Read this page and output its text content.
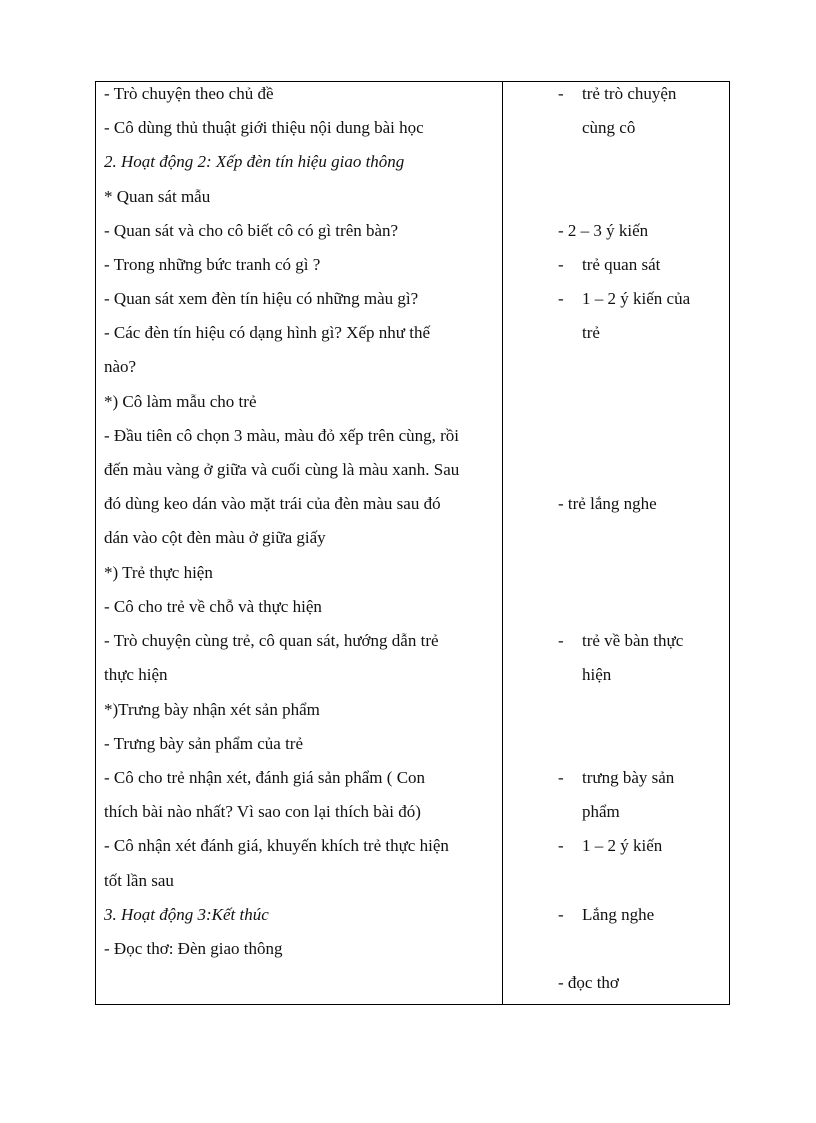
- Trò chuyện theo chủ đề
- Cô dùng thủ thuật giới thiệu nội dung bài học
2. Hoạt động 2: Xếp đèn tín hiệu giao thông
* Quan sát mẫu
- Quan sát và cho cô biết cô có gì trên bàn?
- Trong những bức tranh có gì ?
- Quan sát xem đèn tín hiệu có những màu gì?
- Các đèn tín hiệu có dạng hình gì? Xếp như thế
nào?
*) Cô làm mẫu cho trẻ
- Đầu tiên cô chọn 3 màu, màu đỏ xếp trên cùng, rồi
đến màu vàng ở giữa và cuối cùng là màu xanh. Sau
đó dùng keo dán vào mặt trái của đèn màu sau đó
dán vào cột đèn màu ở giữa giấy
*) Trẻ thực hiện
- Cô cho trẻ về chỗ và thực hiện
- Trò chuyện cùng trẻ, cô quan sát, hướng dẫn trẻ
thực hiện
*)Trưng bày nhận xét sản phẩm
- Trưng bày sản phẩm của trẻ
- Cô cho trẻ nhận xét, đánh giá sản phẩm ( Con
thích bài nào nhất? Vì sao con lại thích bài đó)
- Cô nhận xét đánh giá, khuyến khích trẻ thực hiện
tốt lần sau
3. Hoạt động 3:Kết thúc
- Đọc thơ: Đèn giao thông
- trẻ trò chuyện
cùng cô
- 2 – 3 ý kiến
- trẻ quan sát
- 1 – 2 ý kiến của
trẻ
- trẻ lắng nghe
- trẻ về bàn thực
hiện
- trưng bày sản
phẩm
- 1 – 2 ý kiến
- Lắng nghe
- đọc thơ
